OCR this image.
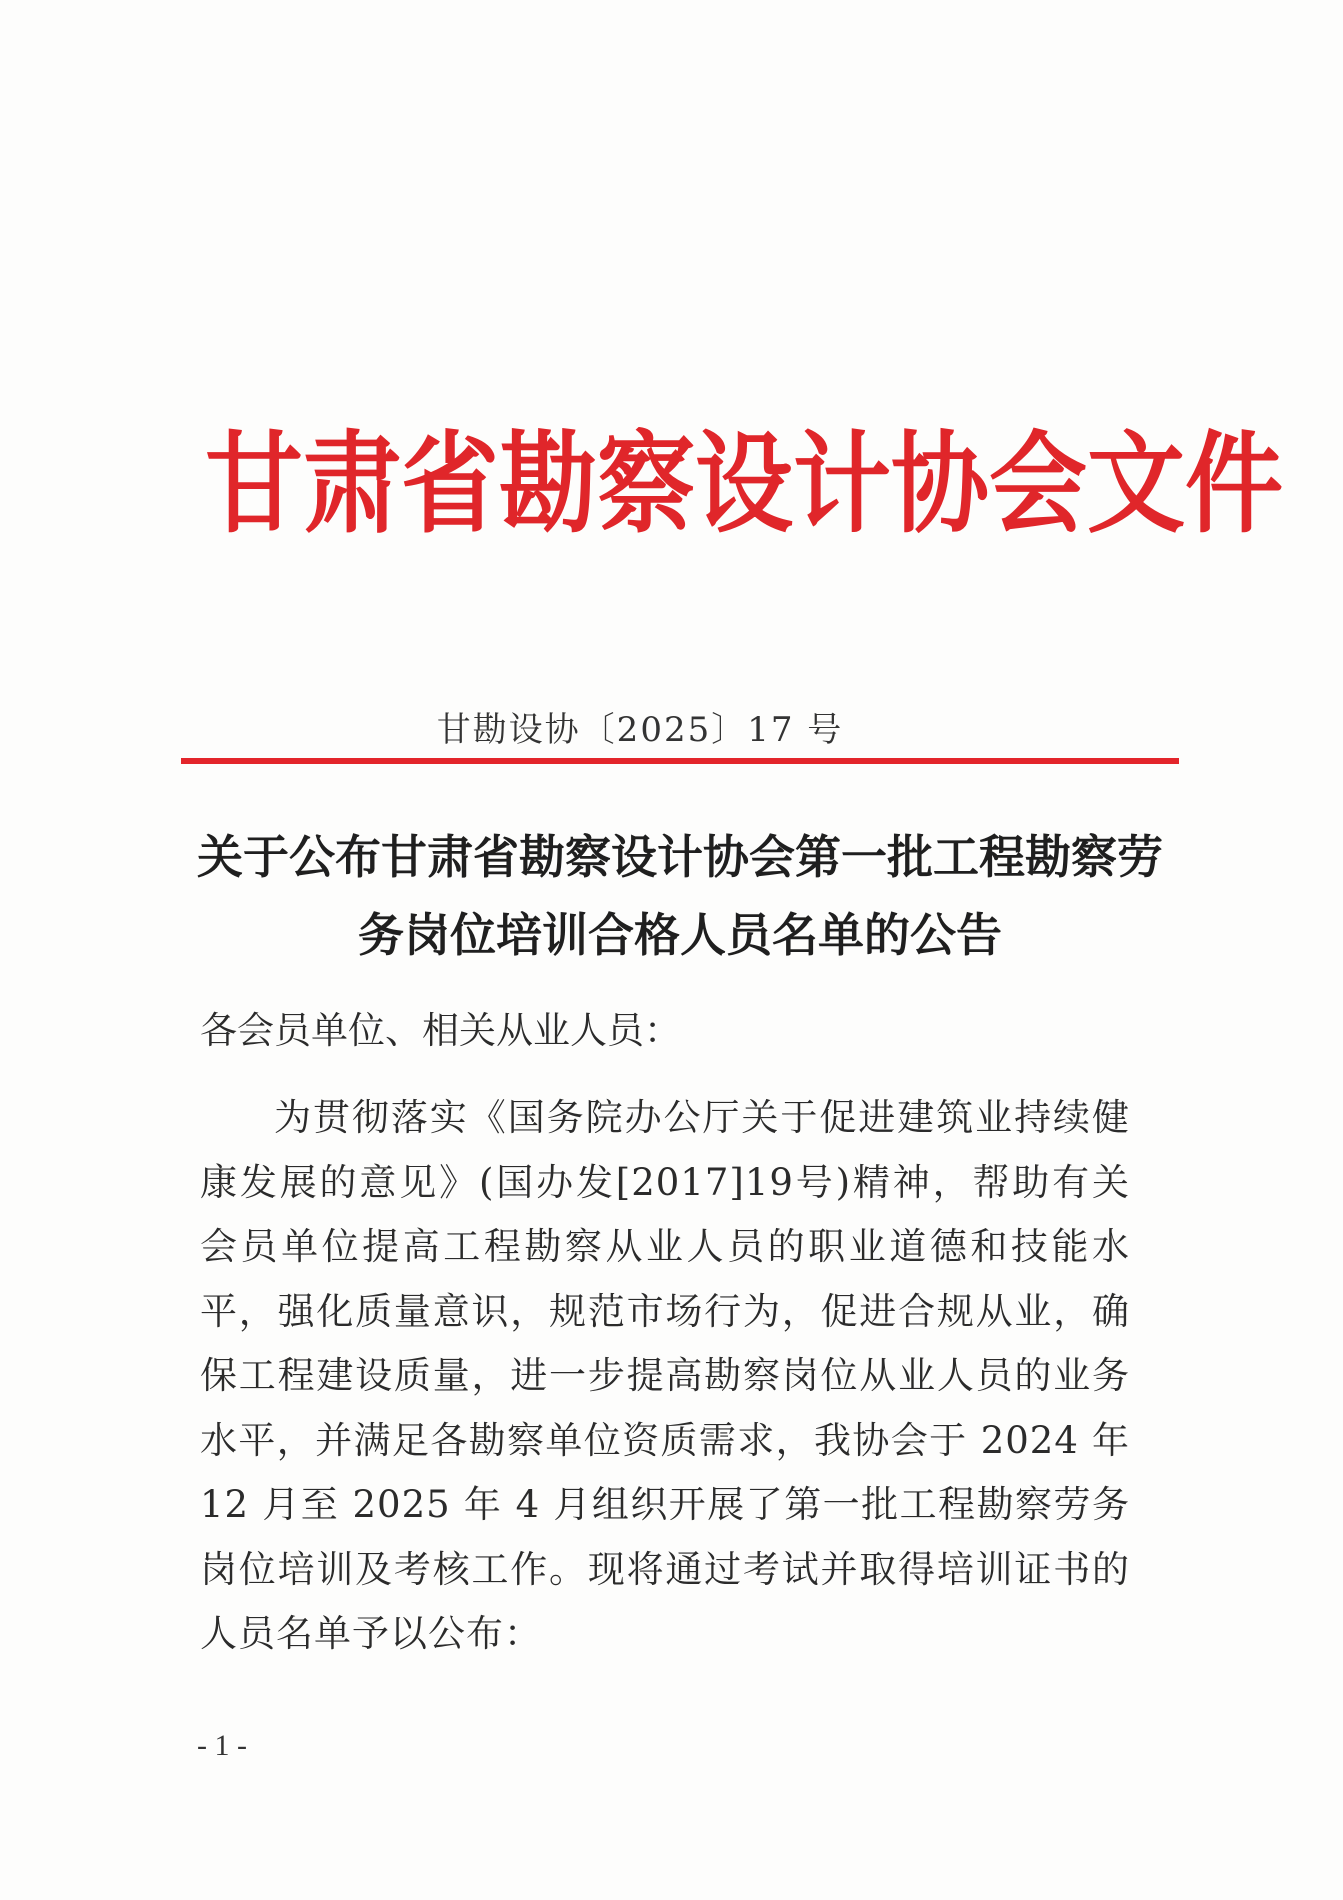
甘肃省勘察设计协会文件
甘勘设协〔2025〕17 号
关于公布甘肃省勘察设计协会第一批工程勘察劳务岗位培训合格人员名单的公告
各会员单位、相关从业人员：
为贯彻落实《国务院办公厅关于促进建筑业持续健康发展的意见》(国办发[2017]19号)精神，帮助有关会员单位提高工程勘察从业人员的职业道德和技能水平，强化质量意识，规范市场行为，促进合规从业，确保工程建设质量，进一步提高勘察岗位从业人员的业务水平，并满足各勘察单位资质需求，我协会于 2024 年 12 月至 2025 年 4 月组织开展了第一批工程勘察劳务岗位培训及考核工作。现将通过考试并取得培训证书的人员名单予以公布：
- 1 -
